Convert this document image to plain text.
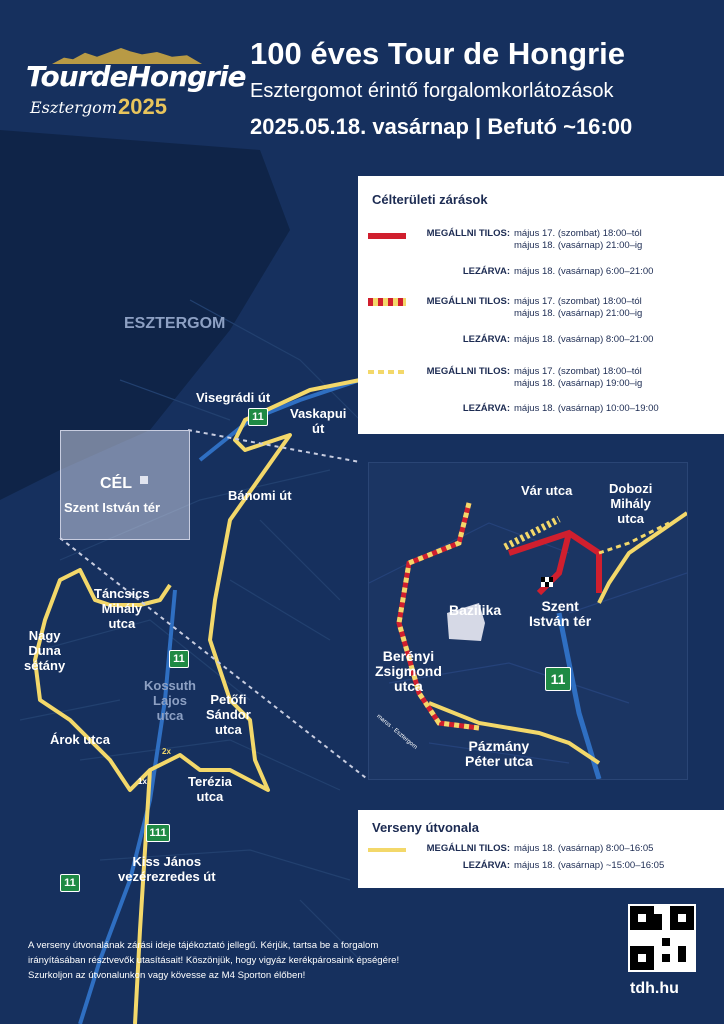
TourdeHongrie
Esztergom 2025
100 éves Tour de Hongrie
Esztergomot érintő forgalomkorlátozások
2025.05.18. vasárnap | Befutó ~16:00
Célterületi zárások
MEGÁLLNI TILOS: május 17. (szombat) 18:00–tól
május 18. (vasárnap) 21:00–ig
LEZÁRVA: május 18. (vasárnap) 6:00–21:00
MEGÁLLNI TILOS: május 17. (szombat) 18:00–tól
május 18. (vasárnap) 21:00–ig
LEZÁRVA: május 18. (vasárnap) 8:00–21:00
MEGÁLLNI TILOS: május 17. (szombat) 18:00–tól
május 18. (vasárnap) 19:00–ig
LEZÁRVA: május 18. (vasárnap) 10:00–19:00
Verseny útvonala
MEGÁLLNI TILOS: május 18. (vasárnap) 8:00–16:05
LEZÁRVA: május 18. (vasárnap) ~15:00–16:05
ESZTERGOM
Visegrádi út
Vaskapui
út
Bánomi út
CÉL
Szent István tér
Táncsics
Mihály
utca
Nagy
Duna
sétány
Kossuth
Lajos
utca
Petőfi
Sándor
utca
Árok utca
Terézia
utca
Kiss János
vezérezredes út
2x
1x
11
11
111
11
Vár utca	Dobozi
Mihály
utca
Bazilika	Szent
István tér
Berényi
Zsigmond
utca
Pázmány
Péter utca
maros · Esztergom
11
A verseny útvonalának zárási ideje tájékoztató jellegű. Kérjük, tartsa be a forgalom irányításában résztvevők utasításait! Köszönjük, hogy vigyáz kerékpárosaink épségére! Szurkoljon az útvonalunkon vagy kövesse az M4 Sporton élőben!
tdh.hu
